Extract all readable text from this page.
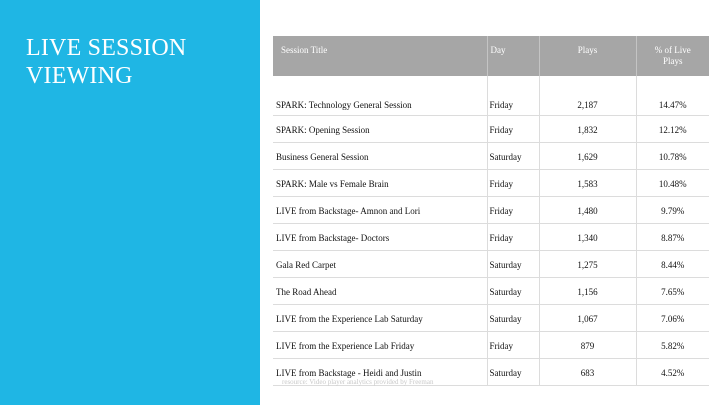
LIVE SESSION
VIEWING
Session Title	Day	Plays	% of Live Plays

SPARK: Technology General Session	Friday	2,187	14.47%
SPARK: Opening Session	Friday	1,832	12.12%
Business General Session	Saturday	1,629	10.78%
SPARK: Male vs Female Brain	Friday	1,583	10.48%
LIVE from Backstage- Amnon and Lori	Friday	1,480	9.79%
LIVE from Backstage- Doctors	Friday	1,340	8.87%
Gala Red Carpet	Saturday	1,275	8.44%
The Road Ahead	Saturday	1,156	7.65%
LIVE from the Experience Lab Saturday	Saturday	1,067	7.06%
LIVE from the Experience Lab Friday	Friday	879	5.82%
LIVE from Backstage - Heidi and Justin	Saturday	683	4.52%
resource: Video player analytics provided by Freeman
